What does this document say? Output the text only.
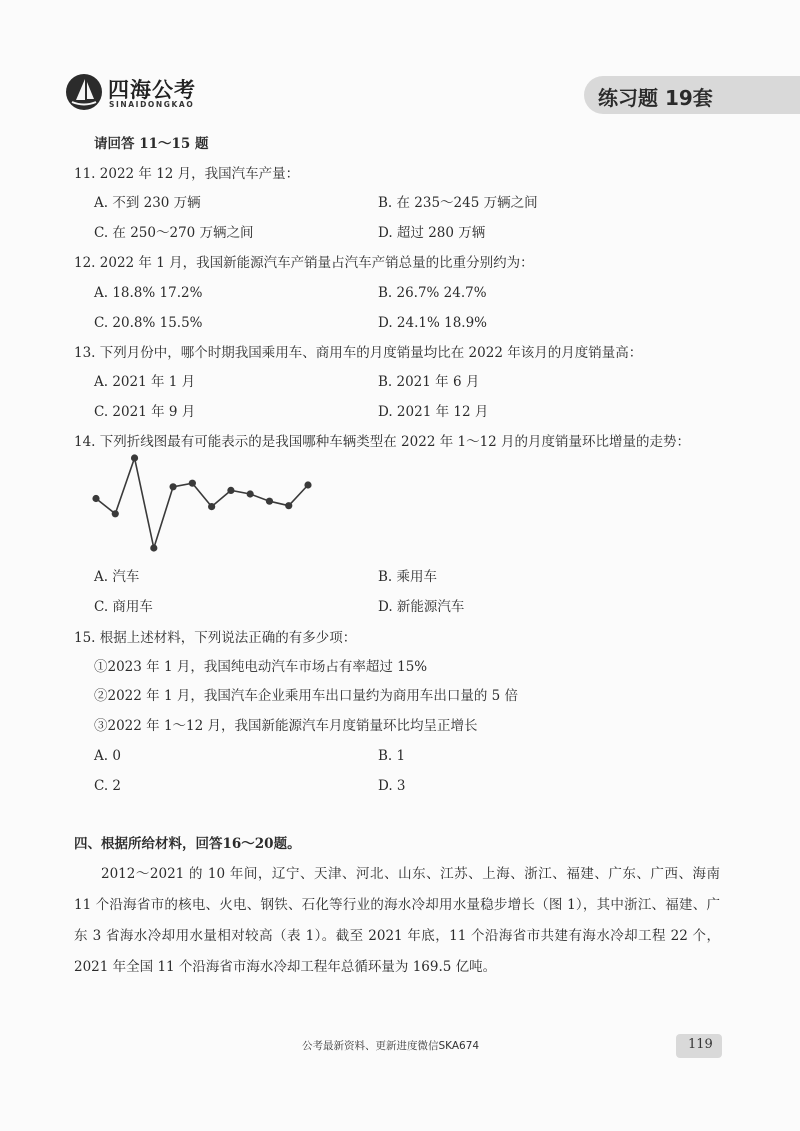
四海公考
SINAIDONGKAO	练习题 19套
请回答 11～15 题
11. 2022 年 12 月，我国汽车产量：
A. 不到 230 万辆	B. 在 235～245 万辆之间
C. 在 250～270 万辆之间	D. 超过 280 万辆
12. 2022 年 1 月，我国新能源汽车产销量占汽车产销总量的比重分别约为：
A. 18.8% 17.2%	B. 26.7% 24.7%
C. 20.8% 15.5%	D. 24.1% 18.9%
13. 下列月份中，哪个时期我国乘用车、商用车的月度销量均比在 2022 年该月的月度销量高：
A. 2021 年 1 月	B. 2021 年 6 月
C. 2021 年 9 月	D. 2021 年 12 月
14. 下列折线图最有可能表示的是我国哪种车辆类型在 2022 年 1～12 月的月度销量环比增量的走势：
A. 汽车	B. 乘用车
C. 商用车	D. 新能源汽车
15. 根据上述材料，下列说法正确的有多少项：
①2023 年 1 月，我国纯电动汽车市场占有率超过 15%
②2022 年 1 月，我国汽车企业乘用车出口量约为商用车出口量的 5 倍
③2022 年 1～12 月，我国新能源汽车月度销量环比均呈正增长
A. 0	B. 1
C. 2	D. 3
四、根据所给材料，回答16～20题。
2012～2021 的 10 年间，辽宁、天津、河北、山东、江苏、上海、浙江、福建、广东、广西、海南 11 个沿海省市的核电、火电、钢铁、石化等行业的海水冷却用水量稳步增长（图 1），其中浙江、福建、广东 3 省海水冷却用水量相对较高（表 1）。截至 2021 年底，11 个沿海省市共建有海水冷却工程 22 个，2021 年全国 11 个沿海省市海水冷却工程年总循环量为 169.5 亿吨。
公考最新资料、更新进度微信SKA674	119
